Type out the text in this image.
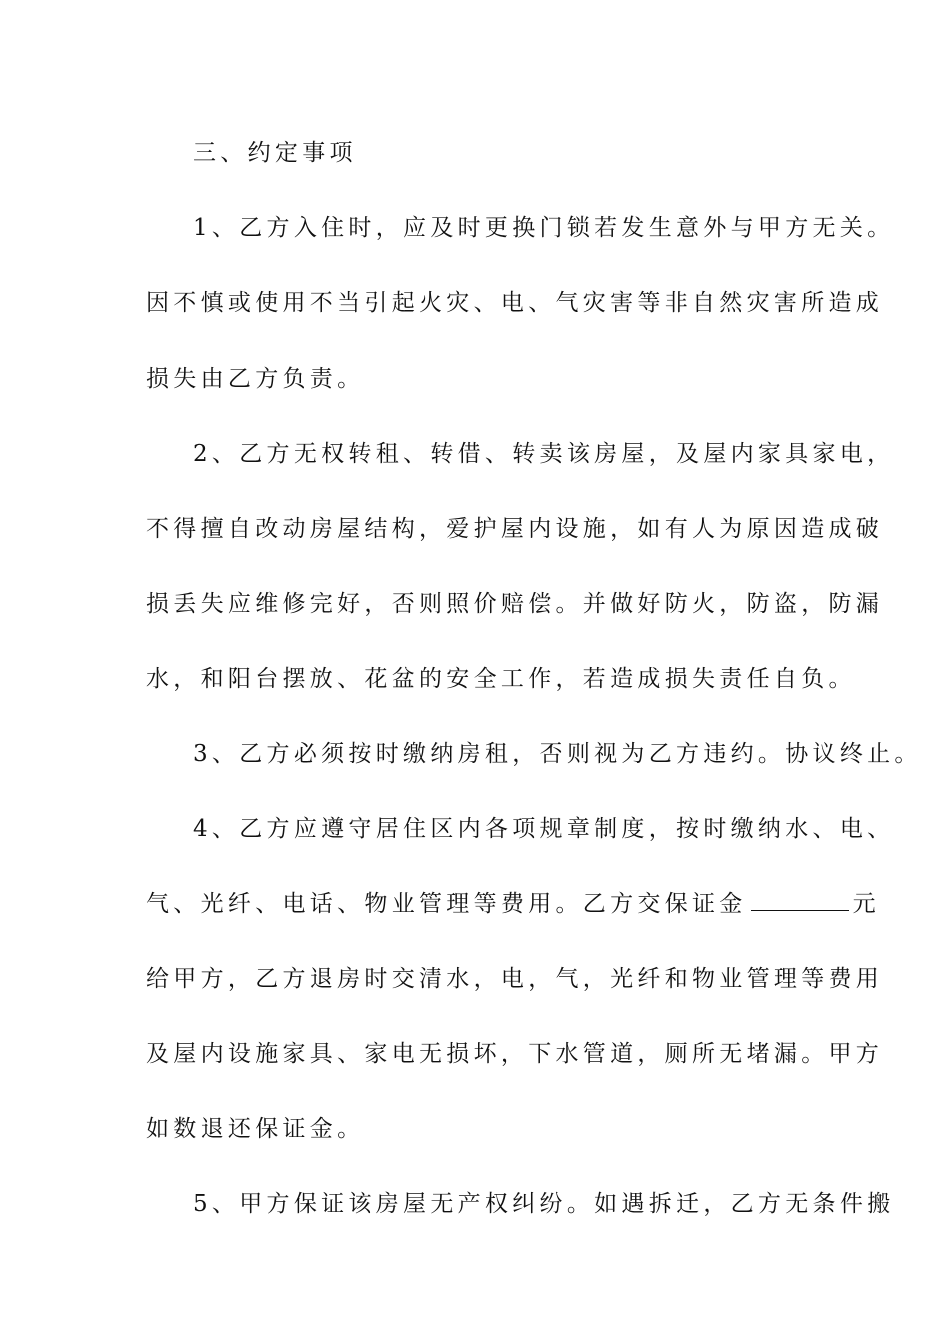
三、约定事项
1、乙方入住时，应及时更换门锁若发生意外与甲方无关。
因不慎或使用不当引起火灾、电、气灾害等非自然灾害所造成
损失由乙方负责。
2、乙方无权转租、转借、转卖该房屋，及屋内家具家电，
不得擅自改动房屋结构，爱护屋内设施，如有人为原因造成破
损丢失应维修完好，否则照价赔偿。并做好防火，防盗，防漏
水，和阳台摆放、花盆的安全工作，若造成损失责任自负。
3、乙方必须按时缴纳房租，否则视为乙方违约。协议终止。
4、乙方应遵守居住区内各项规章制度，按时缴纳水、电、
气、光纤、电话、物业管理等费用。乙方交保证金	元
给甲方，乙方退房时交清水，电，气，光纤和物业管理等费用
及屋内设施家具、家电无损坏，下水管道，厕所无堵漏。甲方
如数退还保证金。
5、甲方保证该房屋无产权纠纷。如遇拆迁，乙方无条件搬
